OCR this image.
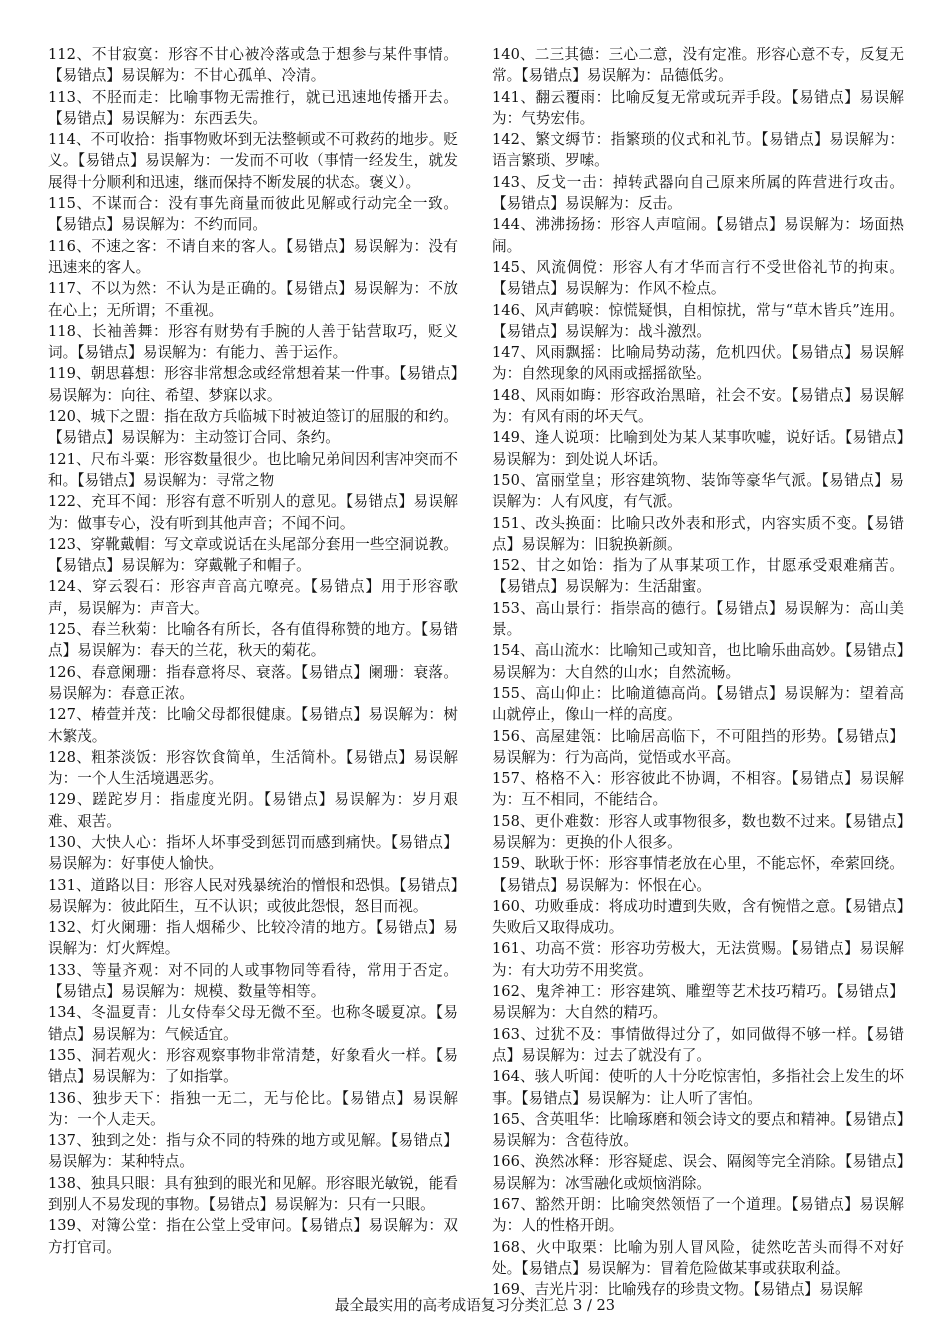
112、不甘寂寞：形容不甘心被冷落或急于想参与某件事情。【易错点】易误解为：不甘心孤单、冷清。

113、不胫而走：比喻事物无需推行，就已迅速地传播开去。【易错点】易误解为：东西丢失。

114、不可收拾：指事物败坏到无法整顿或不可救药的地步。贬义。【易错点】易误解为：一发而不可收（事情一经发生，就发展得十分顺利和迅速，继而保持不断发展的状态。褒义）。

115、不谋而合：没有事先商量而彼此见解或行动完全一致。【易错点】易误解为：不约而同。

116、不速之客：不请自来的客人。【易错点】易误解为：没有迅速来的客人。

117、不以为然：不认为是正确的。【易错点】易误解为：不放在心上；无所谓；不重视。

118、长袖善舞：形容有财势有手腕的人善于钻营取巧，贬义词。【易错点】易误解为：有能力、善于运作。

119、朝思暮想：形容非常想念或经常想着某一件事。【易错点】易误解为：向往、希望、梦寐以求。

120、城下之盟：指在敌方兵临城下时被迫签订的屈服的和约。【易错点】易误解为：主动签订合同、条约。

121、尺布斗粟：形容数量很少。也比喻兄弟间因利害冲突而不和。【易错点】易误解为：寻常之物

122、充耳不闻：形容有意不听别人的意见。【易错点】易误解为：做事专心，没有听到其他声音；不闻不问。

123、穿靴戴帽：写文章或说话在头尾部分套用一些空洞说教。【易错点】易误解为：穿戴靴子和帽子。

124、穿云裂石：形容声音高亢嘹亮。【易错点】用于形容歌声，易误解为：声音大。

125、春兰秋菊：比喻各有所长，各有值得称赞的地方。【易错点】易误解为：春天的兰花，秋天的菊花。

126、春意阑珊：指春意将尽、衰落。【易错点】阑珊：衰落。易误解为：春意正浓。

127、椿萱并茂：比喻父母都很健康。【易错点】易误解为：树木繁茂。

128、粗茶淡饭：形容饮食简单，生活简朴。【易错点】易误解为：一个人生活境遇恶劣。

129、蹉跎岁月：指虚度光阴。【易错点】易误解为：岁月艰难、艰苦。

130、大快人心：指坏人坏事受到惩罚而感到痛快。【易错点】易误解为：好事使人愉快。

131、道路以目：形容人民对残暴统治的憎恨和恐惧。【易错点】易误解为：彼此陌生，互不认识；或彼此怨恨，怒目而视。

132、灯火阑珊：指人烟稀少、比较冷清的地方。【易错点】易误解为：灯火辉煌。

133、等量齐观：对不同的人或事物同等看待，常用于否定。【易错点】易误解为：规模、数量等相等。

134、冬温夏青：儿女侍奉父母无微不至。也称冬暖夏凉。【易错点】易误解为：气候适宜。

135、洞若观火：形容观察事物非常清楚，好象看火一样。【易错点】易误解为：了如指掌。

136、独步天下：指独一无二，无与伦比。【易错点】易误解为：一个人走天。

137、独到之处：指与众不同的特殊的地方或见解。【易错点】易误解为：某种特点。

138、独具只眼：具有独到的眼光和见解。形容眼光敏锐，能看到别人不易发现的事物。【易错点】易误解为：只有一只眼。

139、对簿公堂：指在公堂上受审问。【易错点】易误解为：双方打官司。

140、二三其德：三心二意，没有定准。形容心意不专，反复无常。【易错点】易误解为：品德低劣。

141、翻云覆雨：比喻反复无常或玩弄手段。【易错点】易误解为：气势宏伟。

142、繁文缛节：指繁琐的仪式和礼节。【易错点】易误解为：语言繁琐、罗嗦。

143、反戈一击：掉转武器向自己原来所属的阵营进行攻击。【易错点】易误解为：反击。

144、沸沸扬扬：形容人声喧闹。【易错点】易误解为：场面热闹。

145、风流倜傥：形容人有才华而言行不受世俗礼节的拘束。【易错点】易误解为：作风不检点。

146、风声鹤唳：惊慌疑惧，自相惊扰，常与“草木皆兵”连用。【易错点】易误解为：战斗激烈。

147、风雨飘摇：比喻局势动荡，危机四伏。【易错点】易误解为：自然现象的风雨或摇摇欲坠。

148、风雨如晦：形容政治黑暗，社会不安。【易错点】易误解为：有风有雨的坏天气。

149、逢人说项：比喻到处为某人某事吹嘘，说好话。【易错点】易误解为：到处说人坏话。

150、富丽堂皇；形容建筑物、装饰等豪华气派。【易错点】易误解为：人有风度，有气派。

151、改头换面：比喻只改外表和形式，内容实质不变。【易错点】易误解为：旧貌换新颜。

152、甘之如饴：指为了从事某项工作，甘愿承受艰难痛苦。【易错点】易误解为：生活甜蜜。

153、高山景行：指崇高的德行。【易错点】易误解为：高山美景。

154、高山流水：比喻知己或知音，也比喻乐曲高妙。【易错点】易误解为：大自然的山水；自然流畅。

155、高山仰止：比喻道德高尚。【易错点】易误解为：望着高山就停止，像山一样的高度。

156、高屋建瓴：比喻居高临下，不可阻挡的形势。【易错点】易误解为：行为高尚，觉悟或水平高。

157、格格不入：形容彼此不协调，不相容。【易错点】易误解为：互不相同，不能结合。

158、更仆难数：形容人或事物很多，数也数不过来。【易错点】易误解为：更换的仆人很多。

159、耿耿于怀：形容事情老放在心里，不能忘怀，牵萦回绕。【易错点】易误解为：怀恨在心。

160、功败垂成：将成功时遭到失败，含有惋惜之意。【易错点】失败后又取得成功。

161、功高不赏：形容功劳极大，无法赏赐。【易错点】易误解为：有大功劳不用奖赏。

162、鬼斧神工：形容建筑、雕塑等艺术技巧精巧。【易错点】易误解为：大自然的精巧。

163、过犹不及：事情做得过分了，如同做得不够一样。【易错点】易误解为：过去了就没有了。

164、骇人听闻：使听的人十分吃惊害怕，多指社会上发生的坏事。【易错点】易误解为：让人听了害怕。

165、含英咀华：比喻琢磨和领会诗文的要点和精神。【易错点】易误解为：含苞待放。

166、涣然冰释：形容疑虑、误会、隔阂等完全消除。【易错点】易误解为：冰雪融化或烦恼消除。

167、豁然开朗：比喻突然领悟了一个道理。【易错点】易误解为：人的性格开朗。

168、火中取栗：比喻为别人冒风险，徒然吃苦头而得不对好处。【易错点】易误解为：冒着危险做某事或获取利益。

169、吉光片羽：比喻残存的珍贵文物。【易错点】易误解

最全最实用的高考成语复习分类汇总 3 / 23
